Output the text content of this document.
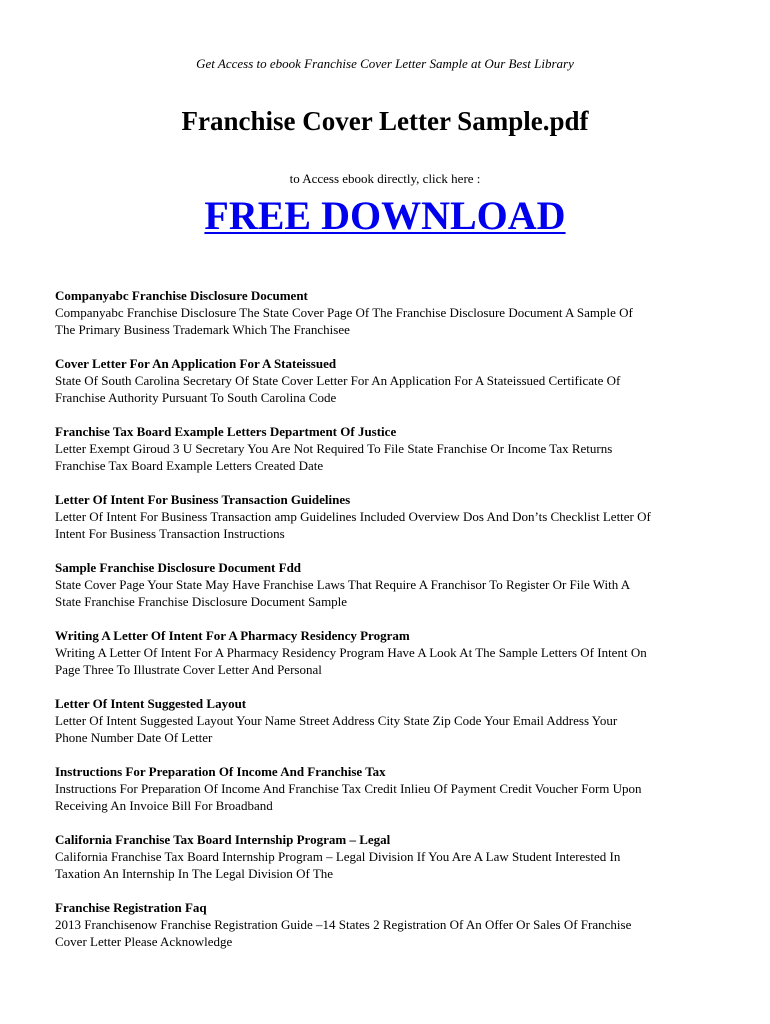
Get Access to ebook Franchise Cover Letter Sample at Our Best Library
Franchise Cover Letter Sample.pdf
to Access ebook directly, click here :
FREE DOWNLOAD

Companyabc Franchise Disclosure Document

Companyabc Franchise Disclosure The State Cover Page Of The Franchise Disclosure Document A Sample Of

The Primary Business Trademark Which The Franchisee

Cover Letter For An Application For A Stateissued

State Of South Carolina Secretary Of State Cover Letter For An Application For A Stateissued Certificate Of

Franchise Authority Pursuant To South Carolina Code

Franchise Tax Board Example Letters Department Of Justice

Letter Exempt Giroud 3 U Secretary You Are Not Required To File State Franchise Or Income Tax Returns

Franchise Tax Board Example Letters Created Date

Letter Of Intent For Business Transaction Guidelines

Letter Of Intent For Business Transaction amp Guidelines Included Overview Dos And Don’ts Checklist Letter Of

Intent For Business Transaction Instructions

Sample Franchise Disclosure Document Fdd

State Cover Page Your State May Have Franchise Laws That Require A Franchisor To Register Or File With A

State Franchise Franchise Disclosure Document Sample

Writing A Letter Of Intent For A Pharmacy Residency Program

Writing A Letter Of Intent For A Pharmacy Residency Program Have A Look At The Sample Letters Of Intent On

Page Three To Illustrate Cover Letter And Personal

Letter Of Intent Suggested Layout

Letter Of Intent Suggested Layout Your Name Street Address City State Zip Code Your Email Address Your

Phone Number Date Of Letter

Instructions For Preparation Of Income And Franchise Tax

Instructions For Preparation Of Income And Franchise Tax Credit Inlieu Of Payment Credit Voucher Form Upon

Receiving An Invoice Bill For Broadband

California Franchise Tax Board Internship Program – Legal

California Franchise Tax Board Internship Program – Legal Division If You Are A Law Student Interested In

Taxation An Internship In The Legal Division Of The

Franchise Registration Faq

2013 Franchisenow Franchise Registration Guide –14 States 2 Registration Of An Offer Or Sales Of Franchise

Cover Letter Please Acknowledge
